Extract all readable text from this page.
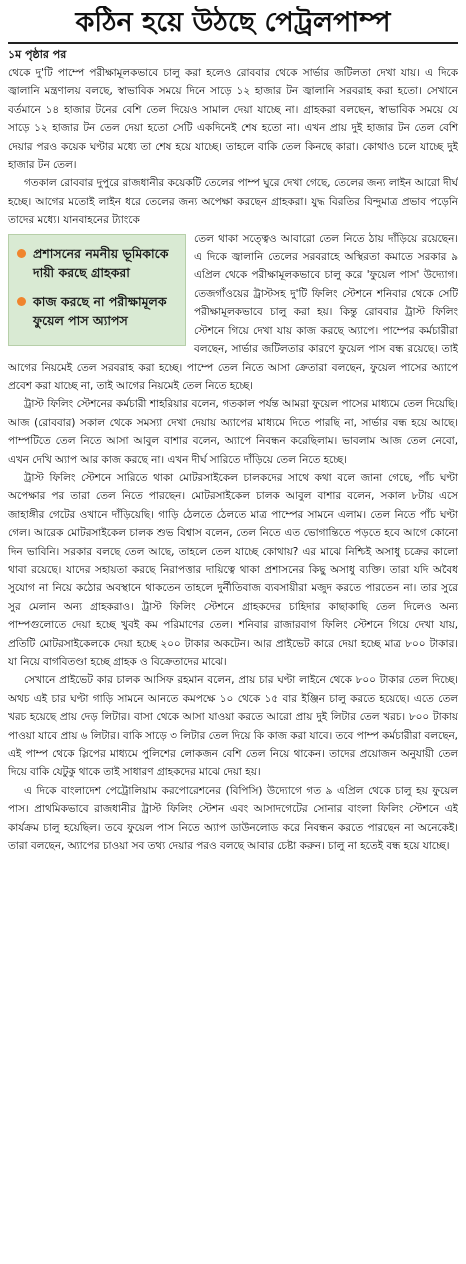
কঠিন হয়ে উঠছে পেট্রলপাম্প
১ম পৃষ্ঠার পর

থেকে দু'টি পাম্পে পরীক্ষামূলকভাবে চালু করা হলেও রোববার থেকে সার্ভার জটিলতা দেখা যায়। এ দিকে জ্বালানি মন্ত্রণালয় বলছে, স্বাভাবিক সময়ে দিনে সাড়ে ১২ হাজার টন জ্বালানি সরবরাহ করা হতো। সেখানে বর্তমানে ১৪ হাজার টনের বেশি তেল দিয়েও সামাল দেয়া যাচ্ছে না। গ্রাহকরা বলছেন, স্বাভাবিক সময়ে যে সাড়ে ১২ হাজার টন তেল দেয়া হতো সেটি একদিনেই শেষ হতো না। এখন প্রায় দুই হাজার টন তেল বেশি দেয়ার পরও কয়েক ঘণ্টার মধ্যে তা শেষ হয়ে যাচ্ছে। তাহলে বাকি তেল কিনছে কারা। কোথাও চলে যাচ্ছে দুই হাজার টন তেল।

গতকাল রোববার দুপুরে রাজধানীর কয়েকটি তেলের পাম্প ঘুরে দেখা গেছে, তেলের জন্য লাইন আরো দীর্ঘ হচ্ছে। আগের মতোই লাইন ধরে তেলের জন্য অপেক্ষা করছেন গ্রাহকরা। যুদ্ধ বিরতির বিন্দুমাত্র প্রভাব পড়েনি তাদের মধ্যে। যানবাহনের ট্যাংকে

প্রশাসনের নমনীয় ভূমিকাকে দায়ী করছে গ্রাহকরা
কাজ করছে না পরীক্ষামূলক ফুয়েল পাস অ্যাপস

তেল থাকা সত্ত্বেও আবারো তেল নিতে ঠায় দাঁড়িয়ে রয়েছেন। এ দিকে জ্বালানি তেলের সরবরাহে অস্থিরতা কমাতে সরকার ৯ এপ্রিল থেকে পরীক্ষামূলকভাবে চালু করে 'ফুয়েল পাস' উদ্যোগ। তেজগাঁওয়ের ট্রাস্টসহ দু'টি ফিলিং স্টেশনে শনিবার থেকে সেটি পরীক্ষামূলকভাবে চালু করা হয়। কিন্তু রোববার ট্রাস্ট ফিলিং স্টেশনে গিয়ে দেখা যায় কাজ করছে অ্যাপে। পাম্পের কর্মচারীরা বলছেন, সার্ভার জটিলতার কারণে ফুয়েল পাস বন্ধ রয়েছে। তাই আগের নিয়মেই তেল সরবরাহ করা হচ্ছে। পাম্পে তেল নিতে আসা ক্রেতারা বলছেন, ফুয়েল পাসের অ্যাপে প্রবেশ করা যাচ্ছে না, তাই আগের নিয়মেই তেল নিতে হচ্ছে।

ট্রাস্ট ফিলিং স্টেশনের কর্মচারী শাহরিয়ার বলেন, গতকাল পর্যন্ত আমরা ফুয়েল পাসের মাধ্যমে তেল দিয়েছি। আজ (রোববার) সকাল থেকে সমস্যা দেখা দেয়ায় অ্যাপের মাধ্যমে দিতে পারছি না, সার্ভার বন্ধ হয়ে আছে। পাম্পটিতে তেল নিতে আসা আবুল বাশার বলেন, অ্যাপে নিবন্ধন করেছিলাম। ভাবলাম আজ তেল নেবো, এখন দেখি অ্যাপ আর কাজ করছে না। এখন দীর্ঘ সারিতে দাঁড়িয়ে তেল নিতে হচ্ছে।

ট্রাস্ট ফিলিং স্টেশনে সারিতে থাকা মোটরসাইকেল চালকদের সাথে কথা বলে জানা গেছে, পাঁচ ঘণ্টা অপেক্ষার পর তারা তেল নিতে পারছেন। মোটরসাইকেল চালক আবুল বাশার বলেন, সকাল ৮টায় এসে জাহাঙ্গীর গেটের ওখানে দাঁড়িয়েছি। গাড়ি ঠেলতে ঠেলতে মাত্র পাম্পের সামনে এলাম। তেল নিতে পাঁচ ঘণ্টা গেল। আরেক মোটরসাইকেল চালক শুভ বিশ্বাস বলেন, তেল নিতে এত ভোগান্তিতে পড়তে হবে আগে কোনো দিন ভাবিনি। সরকার বলছে তেল আছে, তাহলে তেল যাচ্ছে কোথায়? এর মাঝে নিশ্চিই অসাধু চক্রের কালো থাবা রয়েছে। যাদের সহায়তা করছে নিরাপত্তার দায়িত্বে থাকা প্রশাসনের কিছু অসাধু ব্যক্তি। তারা যদি অবৈধ সুযোগ না নিয়ে কঠোর অবস্থানে থাকতেন তাহলে দুর্নীতিবাজ ব্যবসায়ীরা মজুদ করতে পারতেন না। তার সুরে সুর মেলান অন্য গ্রাহকরাও। ট্রাস্ট ফিলিং স্টেশনে গ্রাহকদের চাহিদার কাছাকাছি তেল দিলেও অন্য পাম্পগুলোতে দেয়া হচ্ছে খুবই কম পরিমাণের তেল। শনিবার রাজারবাগ ফিলিং স্টেশনে গিয়ে দেখা যায়, প্রতিটি মোটরসাইকেলকে দেয়া হচ্ছে ২০০ টাকার অকটেন। আর প্রাইভেট কারে দেয়া হচ্ছে মাত্র ৮০০ টাকার। যা নিয়ে বাগবিতণ্ডা হচ্ছে গ্রাহক ও বিক্রেতাদের মাঝে।

সেখানে প্রাইভেট কার চালক আসিফ রহমান বলেন, প্রায় চার ঘণ্টা লাইনে থেকে ৮০০ টাকার তেল দিচ্ছে। অথচ এই চার ঘণ্টা গাড়ি সামনে আনতে কমপক্ষে ১০ থেকে ১৫ বার ইঞ্জিন চালু করতে হয়েছে। এতে তেল খরচ হয়েছে প্রায় দেড় লিটার। বাসা থেকে আসা যাওয়া করতে আরো প্রায় দুই লিটার তেল খরচ। ৮০০ টাকায় পাওয়া যাবে প্রায় ৬ লিটার। বাকি সাড়ে ৩ লিটার তেল দিয়ে কি কাজ করা যাবে। তবে পাম্প কর্মচারীরা বলছেন, এই পাম্প থেকে স্লিপের মাধ্যমে পুলিশের লোকজন বেশি তেল নিয়ে থাকেন। তাদের প্রয়োজন অনুযায়ী তেল দিয়ে বাকি যেটুকু থাকে তাই সাধারণ গ্রাহকদের মাঝে দেয়া হয়।

এ দিকে বাংলাদেশ পেট্রোলিয়াম করপোরেশনের (বিপিসি) উদ্যোগে গত ৯ এপ্রিল থেকে চালু হয় ফুয়েল পাস। প্রাথমিকভাবে রাজধানীর ট্রাস্ট ফিলিং স্টেশন এবং আসাদগেটের সোনার বাংলা ফিলিং স্টেশনে এই কার্যক্রম চালু হয়েছিল। তবে ফুয়েল পাস নিতে অ্যাপ ডাউনলোড করে নিবন্ধন করতে পারছেন না অনেকেই। তারা বলছেন, অ্যাপের চাওয়া সব তথ্য দেয়ার পরও বলছে আবার চেষ্টা করুন। চালু না হতেই বন্ধ হয়ে যাচ্ছে।
